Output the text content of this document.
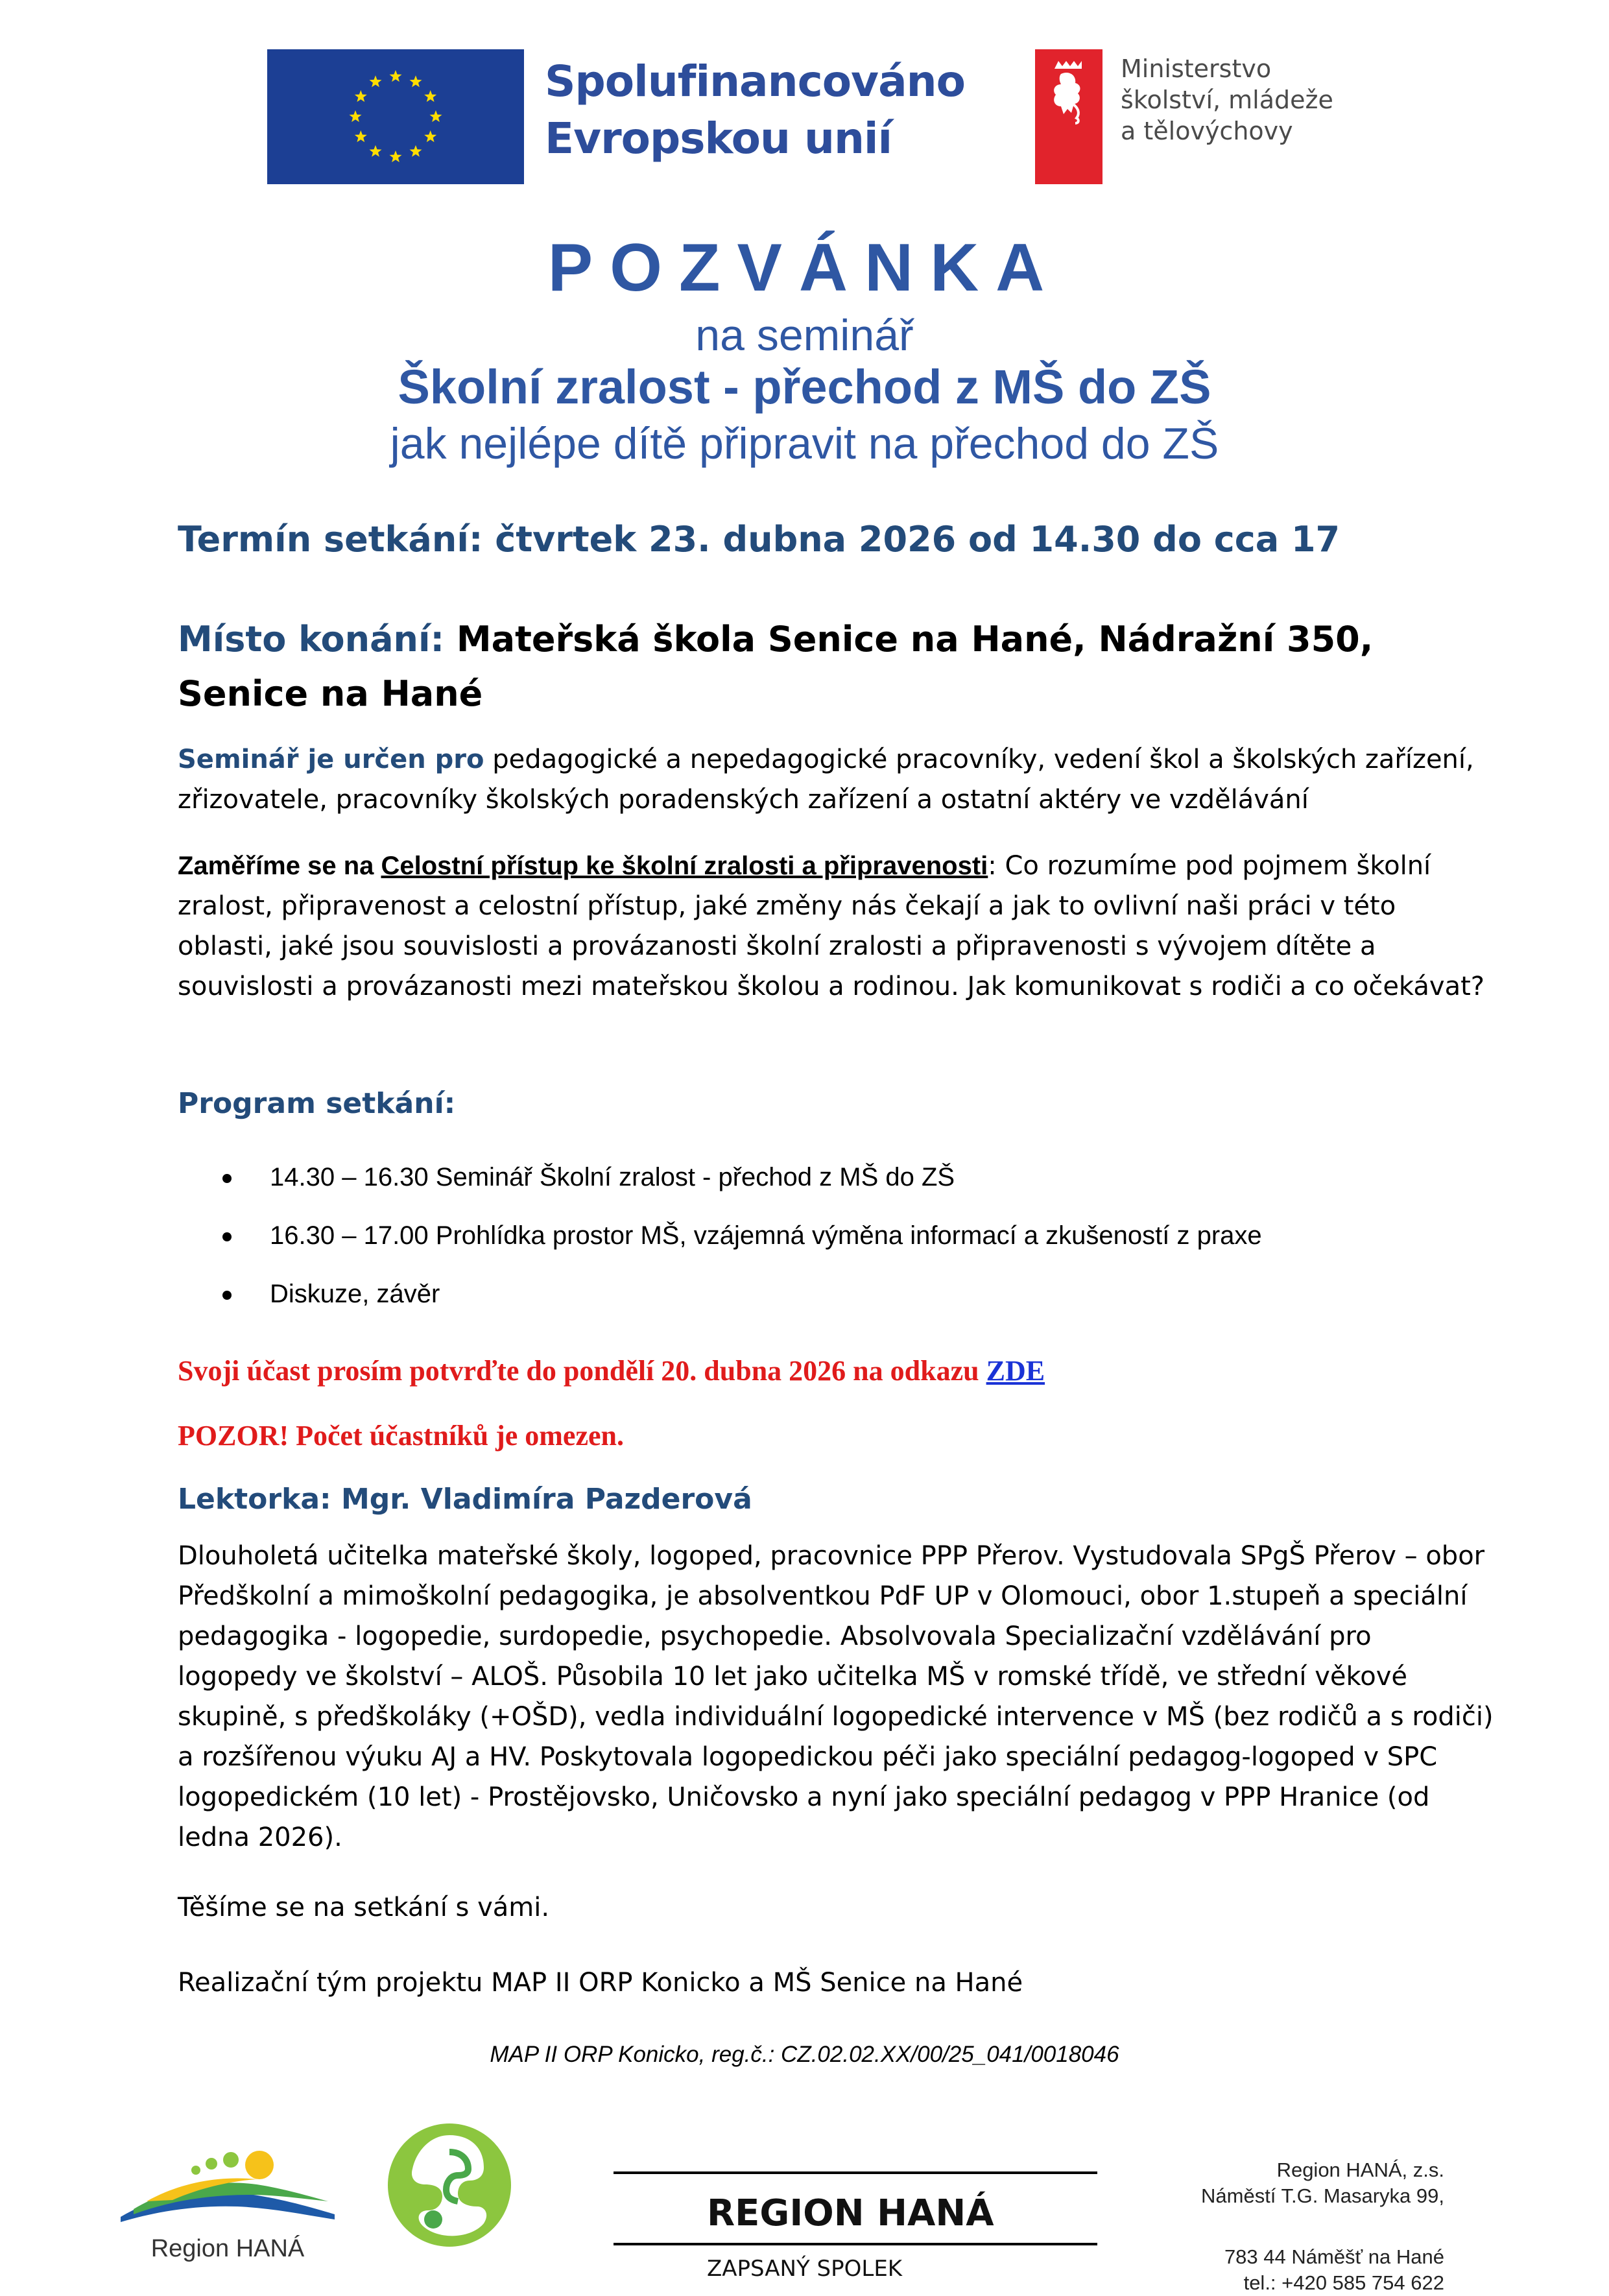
Spolufinancováno
Evropskou unií
Ministerstvo
školství, mládeže
a tělovýchovy
POZVÁNKA
na seminář
Školní zralost - přechod z MŠ do ZŠ
jak nejlépe dítě připravit na přechod do ZŠ
Termín setkání: čtvrtek 23. dubna 2026 od 14.30 do cca 17
Místo konání: Mateřská škola Senice na Hané, Nádražní 350, Senice na Hané
Seminář je určen pro pedagogické a nepedagogické pracovníky, vedení škol a školských zařízení, zřizovatele, pracovníky školských poradenských zařízení a ostatní aktéry ve vzdělávání
Zaměříme se na Celostní přístup ke školní zralosti a připravenosti: Co rozumíme pod pojmem školní zralost, připravenost a celostní přístup, jaké změny nás čekají a jak to ovlivní naši práci v této oblasti, jaké jsou souvislosti a provázanosti školní zralosti a připravenosti s vývojem dítěte a souvislosti a provázanosti mezi mateřskou školou a rodinou. Jak komunikovat s rodiči a co očekávat?
Program setkání:
14.30 – 16.30 Seminář Školní zralost - přechod z MŠ do ZŠ
16.30 – 17.00 Prohlídka prostor MŠ, vzájemná výměna informací a zkušeností z praxe
Diskuze, závěr
Svoji účast prosím potvrďte do pondělí 20. dubna 2026 na odkazu ZDE
POZOR! Počet účastníků je omezen.
Lektorka: Mgr. Vladimíra Pazderová
Dlouholetá učitelka mateřské školy, logoped, pracovnice PPP Přerov. Vystudovala SPgŠ Přerov – obor Předškolní a mimoškolní pedagogika, je absolventkou PdF UP v Olomouci, obor 1.stupeň a speciální pedagogika - logopedie, surdopedie, psychopedie. Absolvovala Specializační vzdělávání pro logopedy ve školství – ALOŠ. Působila 10 let jako učitelka MŠ v romské třídě, ve střední věkové skupině, s předškoláky (+OŠD), vedla individuální logopedické intervence v MŠ (bez rodičů a s rodiči) a rozšířenou výuku AJ a HV. Poskytovala logopedickou péči jako speciální pedagog-logoped v SPC logopedickém (10 let) - Prostějovsko, Uničovsko a nyní jako speciální pedagog v PPP Hranice (od ledna 2026).
Těšíme se na setkání s vámi.
Realizační tým projektu MAP II ORP Konicko a MŠ Senice na Hané
MAP II ORP Konicko, reg.č.: CZ.02.02.XX/00/25_041/0018046
Region HANÁ
REGION HANÁ
ZAPSANÝ SPOLEK
Region HANÁ, z.s.
Náměstí T.G. Masaryka 99,
783 44 Náměšť na Hané
tel.: +420 585 754 622
